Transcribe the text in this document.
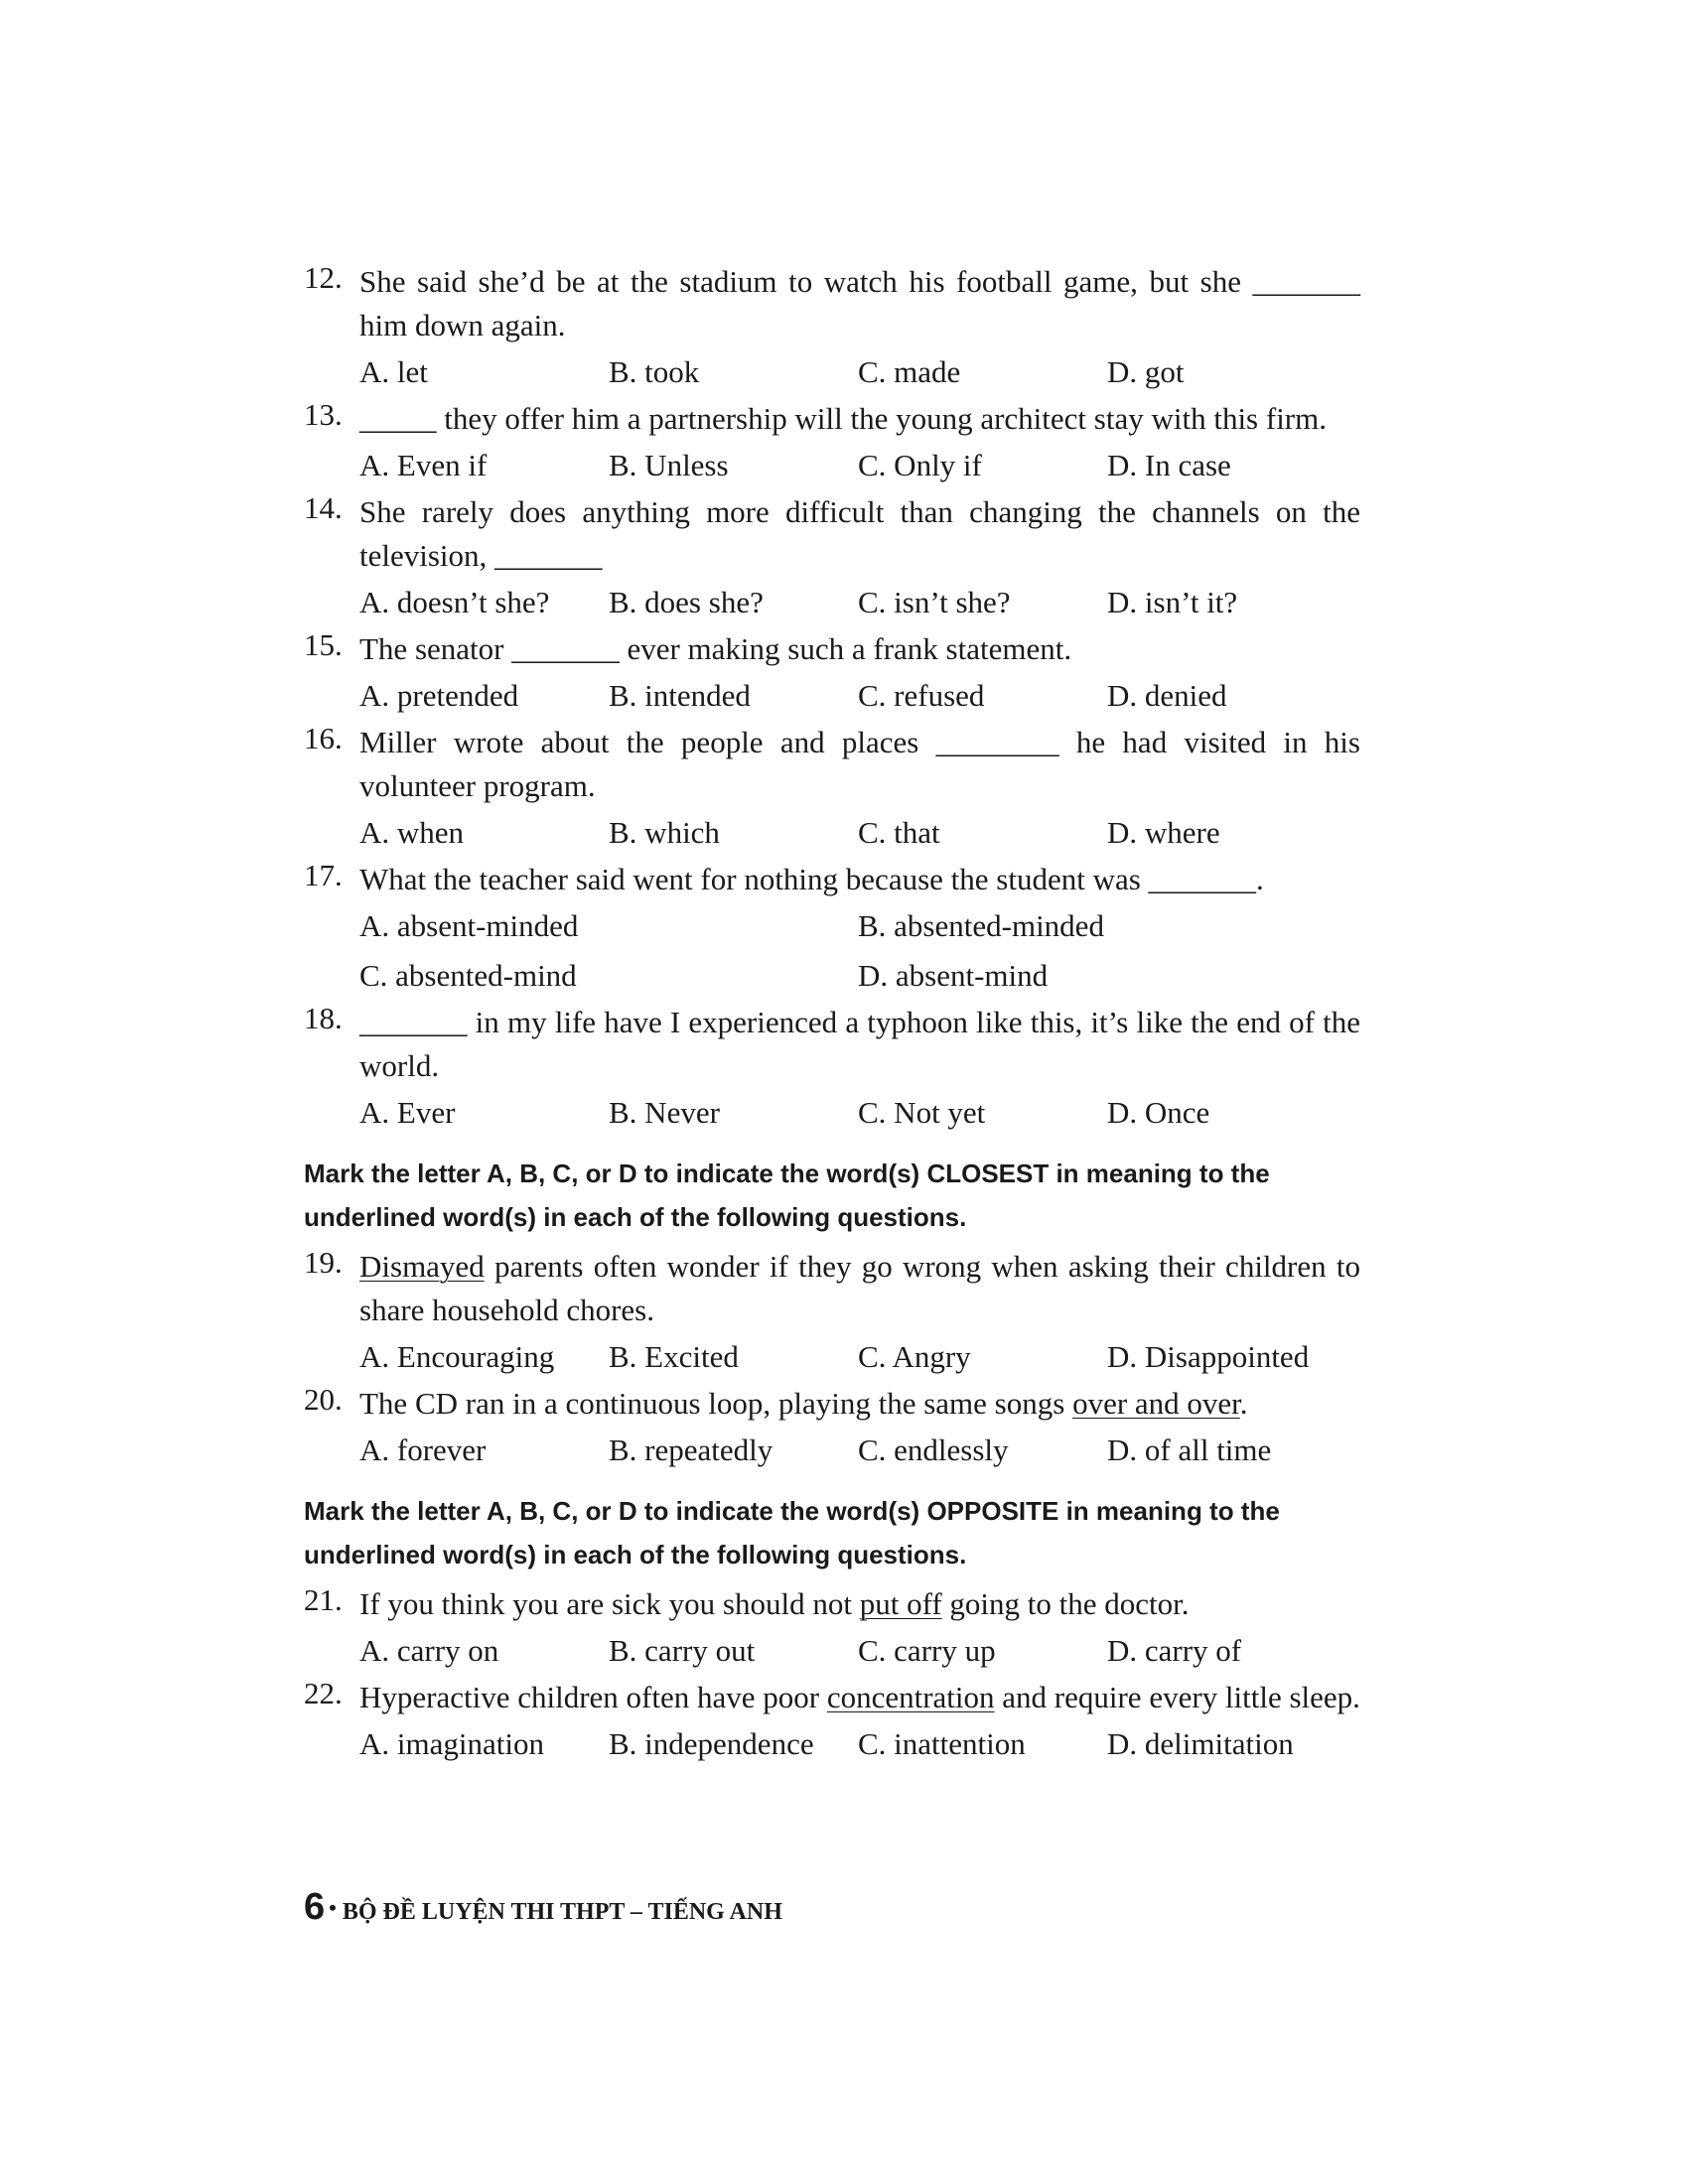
12. She said she’d be at the stadium to watch his football game, but she _______ him down again.

A. let	B. took	C. made	D. got
13. _____ they offer him a partnership will the young architect stay with this firm.

A. Even if	B. Unless	C. Only if	D. In case
14. She rarely does anything more difficult than changing the channels on the television, _______

A. doesn’t she?	B. does she?	C. isn’t she?	D. isn’t it?
15. The senator _______ ever making such a frank statement.

A. pretended	B. intended	C. refused	D. denied
16. Miller wrote about the people and places ________ he had visited in his volunteer program.

A. when	B. which	C. that	D. where
17. What the teacher said went for nothing because the student was _______.

A. absent-minded	B. absented-minded
C. absented-mind	D. absent-mind
18. _______ in my life have I experienced a typhoon like this, it’s like the end of the world.

A. Ever	B. Never	C. Not yet	D. Once

Mark the letter A, B, C, or D to indicate the word(s) CLOSEST in meaning to the underlined word(s) in each of the following questions.

19. Dismayed parents often wonder if they go wrong when asking their children to share household chores.

A. Encouraging	B. Excited	C. Angry	D. Disappointed
20. The CD ran in a continuous loop, playing the same songs over and over.

A. forever	B. repeatedly	C. endlessly	D. of all time

Mark the letter A, B, C, or D to indicate the word(s) OPPOSITE in meaning to the underlined word(s) in each of the following questions.

21. If you think you are sick you should not put off going to the doctor.

A. carry on	B. carry out	C. carry up	D. carry of
22. Hyperactive children often have poor concentration and require every little sleep.

A. imagination	B. independence	C. inattention	D. delimitation
6 • BỘ ĐỀ LUYỆN THI THPT – TIẾNG ANH
